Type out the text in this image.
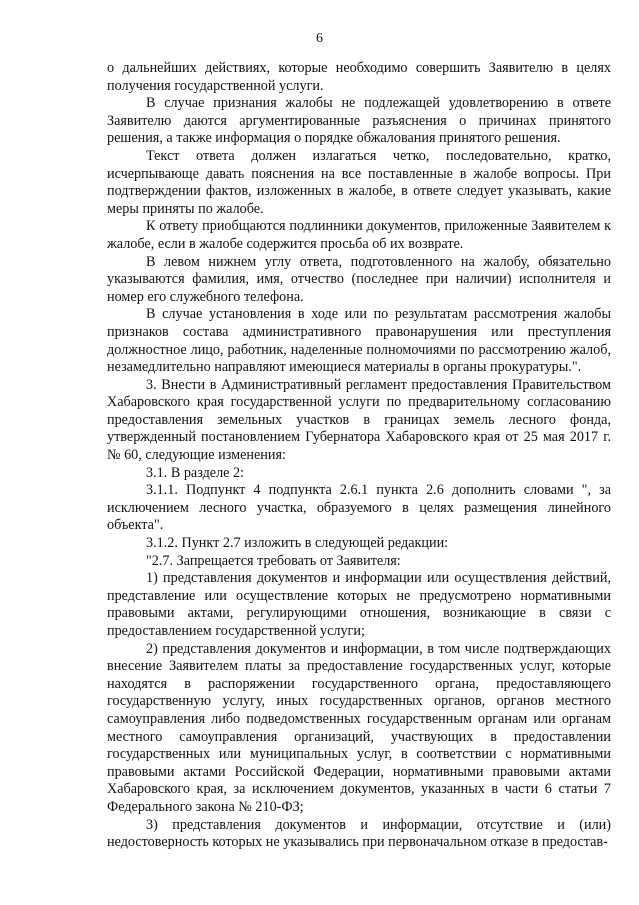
6

о дальнейших действиях, которые необходимо совершить Заявителю в целях получения государственной услуги.

В случае признания жалобы не подлежащей удовлетворению в ответе Заявителю даются аргументированные разъяснения о причинах принятого решения, а также информация о порядке обжалования принятого решения.

Текст ответа должен излагаться четко, последовательно, кратко, исчерпывающе давать пояснения на все поставленные в жалобе вопросы. При подтверждении фактов, изложенных в жалобе, в ответе следует указывать, какие меры приняты по жалобе.

К ответу приобщаются подлинники документов, приложенные Заявителем к жалобе, если в жалобе содержится просьба об их возврате.

В левом нижнем углу ответа, подготовленного на жалобу, обязательно указываются фамилия, имя, отчество (последнее при наличии) исполнителя и номер его служебного телефона.

В случае установления в ходе или по результатам рассмотрения жалобы признаков состава административного правонарушения или преступления должностное лицо, работник, наделенные полномочиями по рассмотрению жалоб, незамедлительно направляют имеющиеся материалы в органы прокуратуры.".

3. Внести в Административный регламент предоставления Правительством Хабаровского края государственной услуги по предварительному согласованию предоставления земельных участков в границах земель лесного фонда, утвержденный постановлением Губернатора Хабаровского края от 25 мая 2017 г. № 60, следующие изменения:

3.1. В разделе 2:

3.1.1. Подпункт 4 подпункта 2.6.1 пункта 2.6 дополнить словами ", за исключением лесного участка, образуемого в целях размещения линейного объекта".

3.1.2. Пункт 2.7 изложить в следующей редакции:

"2.7. Запрещается требовать от Заявителя:

1) представления документов и информации или осуществления действий, представление или осуществление которых не предусмотрено нормативными правовыми актами, регулирующими отношения, возникающие в связи с предоставлением государственной услуги;

2) представления документов и информации, в том числе подтверждающих внесение Заявителем платы за предоставление государственных услуг, которые находятся в распоряжении государственного органа, предоставляющего государственную услугу, иных государственных органов, органов местного самоуправления либо подведомственных государственным органам или органам местного самоуправления организаций, участвующих в предоставлении государственных или муниципальных услуг, в соответствии с нормативными правовыми актами Российской Федерации, нормативными правовыми актами Хабаровского края, за исключением документов, указанных в части 6 статьи 7 Федерального закона № 210-ФЗ;

3) представления документов и информации, отсутствие и (или) недостоверность которых не указывались при первоначальном отказе в предостав-
